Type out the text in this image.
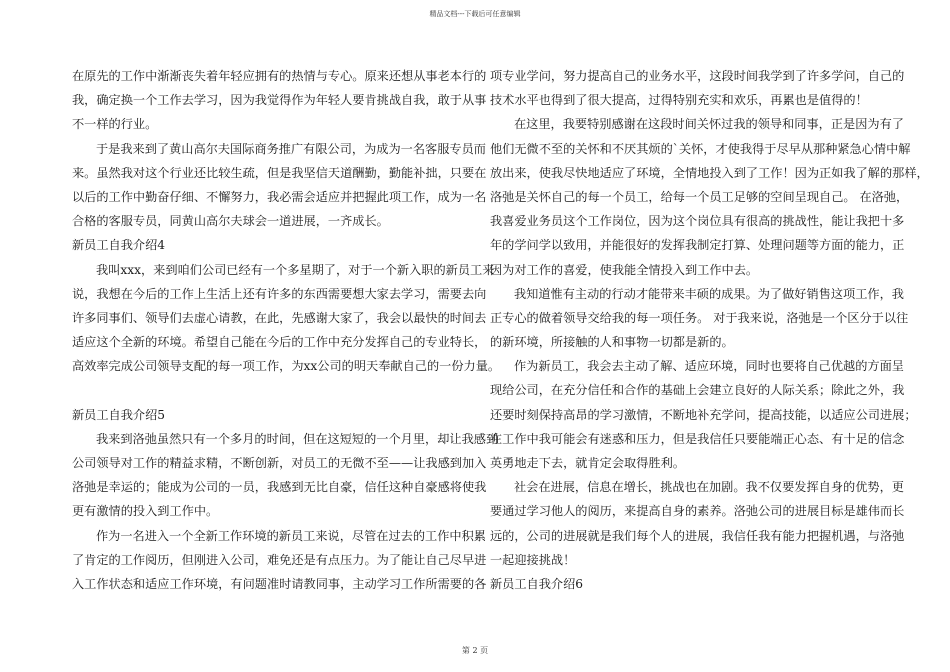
精品文档---下载后可任意编辑
在原先的工作中渐渐丧失着年轻应拥有的热情与专心。原来还想从事老本行的
我，确定换一个工作去学习，因为我觉得作为年轻人要肯挑战自我，敢于从事
不一样的行业。
于是我来到了黄山高尔夫国际商务推广有限公司，为成为一名客服专员而
来。虽然我对这个行业还比较生疏，但是我坚信天道酬勤，勤能补拙，只要在
以后的工作中勤奋仔细、不懈努力，我必需会适应并把握此项工作，成为一名
合格的客服专员，同黄山高尔夫球会一道进展，一齐成长。
新员工自我介绍4
我叫xxx，来到咱们公司已经有一个多星期了，对于一个新入职的新员工来
说，我想在今后的工作上生活上还有许多的东西需要想大家去学习，需要去向
许多同事们、领导们去虚心请教，在此，先感谢大家了，我会以最快的时间去
适应这个全新的环境。希望自己能在今后的工作中充分发挥自己的专业特长，
高效率完成公司领导支配的每一项工作，为xx公司的明天奉献自己的一份力量。
新员工自我介绍5
我来到洛弛虽然只有一个多月的时间，但在这短短的一个月里，却让我感到
公司领导对工作的精益求精，不断创新，对员工的无微不至——让我感到加入
洛弛是幸运的；能成为公司的一员，我感到无比自豪，信任这种自豪感将使我
更有激情的投入到工作中。
作为一名进入一个全新工作环境的新员工来说，尽管在过去的工作中积累
了肯定的工作阅历，但刚进入公司，难免还是有点压力。为了能让自己尽早进
入工作状态和适应工作环境，有问题准时请教同事，主动学习工作所需要的各
项专业学问，努力提高自己的业务水平，这段时间我学到了许多学问，自己的
技术水平也得到了很大提高，过得特别充实和欢乐，再累也是值得的！
在这里，我要特别感谢在这段时间关怀过我的领导和同事，正是因为有了
他们无微不至的关怀和不厌其烦的`关怀，才使我得于尽早从那种紧急心情中解
放出来，使我尽快地适应了环境，全情地投入到了工作！因为正如我了解的那样，
洛弛是关怀自己的每一个员工，给每一个员工足够的空间呈现自己。 在洛弛，
我喜爱业务员这个工作岗位，因为这个岗位具有很高的挑战性，能让我把十多
年的学问学以致用，并能很好的发挥我制定打算、处理问题等方面的能力，正
因为对工作的喜爱，使我能全情投入到工作中去。
我知道惟有主动的行动才能带来丰硕的成果。为了做好销售这项工作，我
正专心的做着领导交给我的每一项任务。 对于我来说，洛弛是一个区分于以往
的新环境，所接触的人和事物一切都是新的。
作为新员工，我会去主动了解、适应环境，同时也要将自己优越的方面呈
现给公司，在充分信任和合作的基础上会建立良好的人际关系；除此之外，我
还要时刻保持高昂的学习激情，不断地补充学问，提高技能，以适应公司进展；
在工作中我可能会有迷惑和压力，但是我信任只要能端正心态、有十足的信念
英勇地走下去，就肯定会取得胜利。
社会在进展，信息在增长，挑战也在加剧。我不仅要发挥自身的优势，更
要通过学习他人的阅历，来提高自身的素养。洛弛公司的进展目标是雄伟而长
远的，公司的进展就是我们每个人的进展，我信任我有能力把握机遇，与洛弛
一起迎接挑战！
新员工自我介绍6
第 2 页
